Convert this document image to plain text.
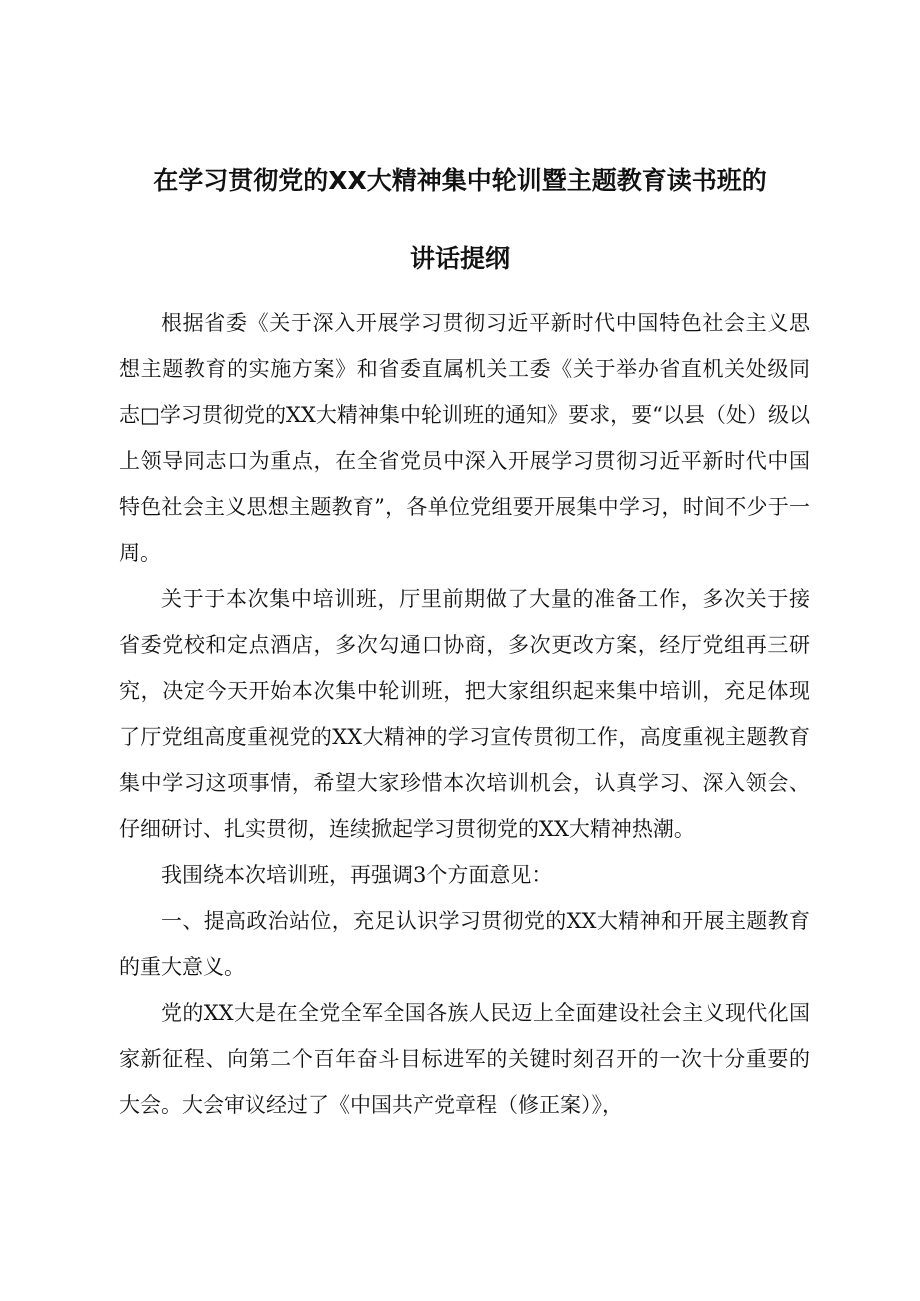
在学习贯彻党的XX大精神集中轮训暨主题教育读书班的
讲话提纲

根据省委《关于深入开展学习贯彻习近平新时代中国特色社会主义思想主题教育的实施方案》和省委直属机关工委《关于举办省直机关处级同志□学习贯彻党的XX大精神集中轮训班的通知》要求，要“以县（处）级以上领导同志口为重点，在全省党员中深入开展学习贯彻习近平新时代中国特色社会主义思想主题教育”，各单位党组要开展集中学习，时间不少于一周。

关于于本次集中培训班，厅里前期做了大量的准备工作，多次关于接省委党校和定点酒店，多次勾通口协商，多次更改方案，经厅党组再三研究，决定今天开始本次集中轮训班，把大家组织起来集中培训，充足体现了厅党组高度重视党的XX大精神的学习宣传贯彻工作，高度重视主题教育集中学习这项事情，希望大家珍惜本次培训机会，认真学习、深入领会、仔细研讨、扎实贯彻，连续掀起学习贯彻党的XX大精神热潮。

我围绕本次培训班，再强调3个方面意见：

一、提高政治站位，充足认识学习贯彻党的XX大精神和开展主题教育的重大意义。

党的XX大是在全党全军全国各族人民迈上全面建设社会主义现代化国家新征程、向第二个百年奋斗目标进军的关键时刻召开的一次十分重要的大会。大会审议经过了《中国共产党章程（修正案）》，
